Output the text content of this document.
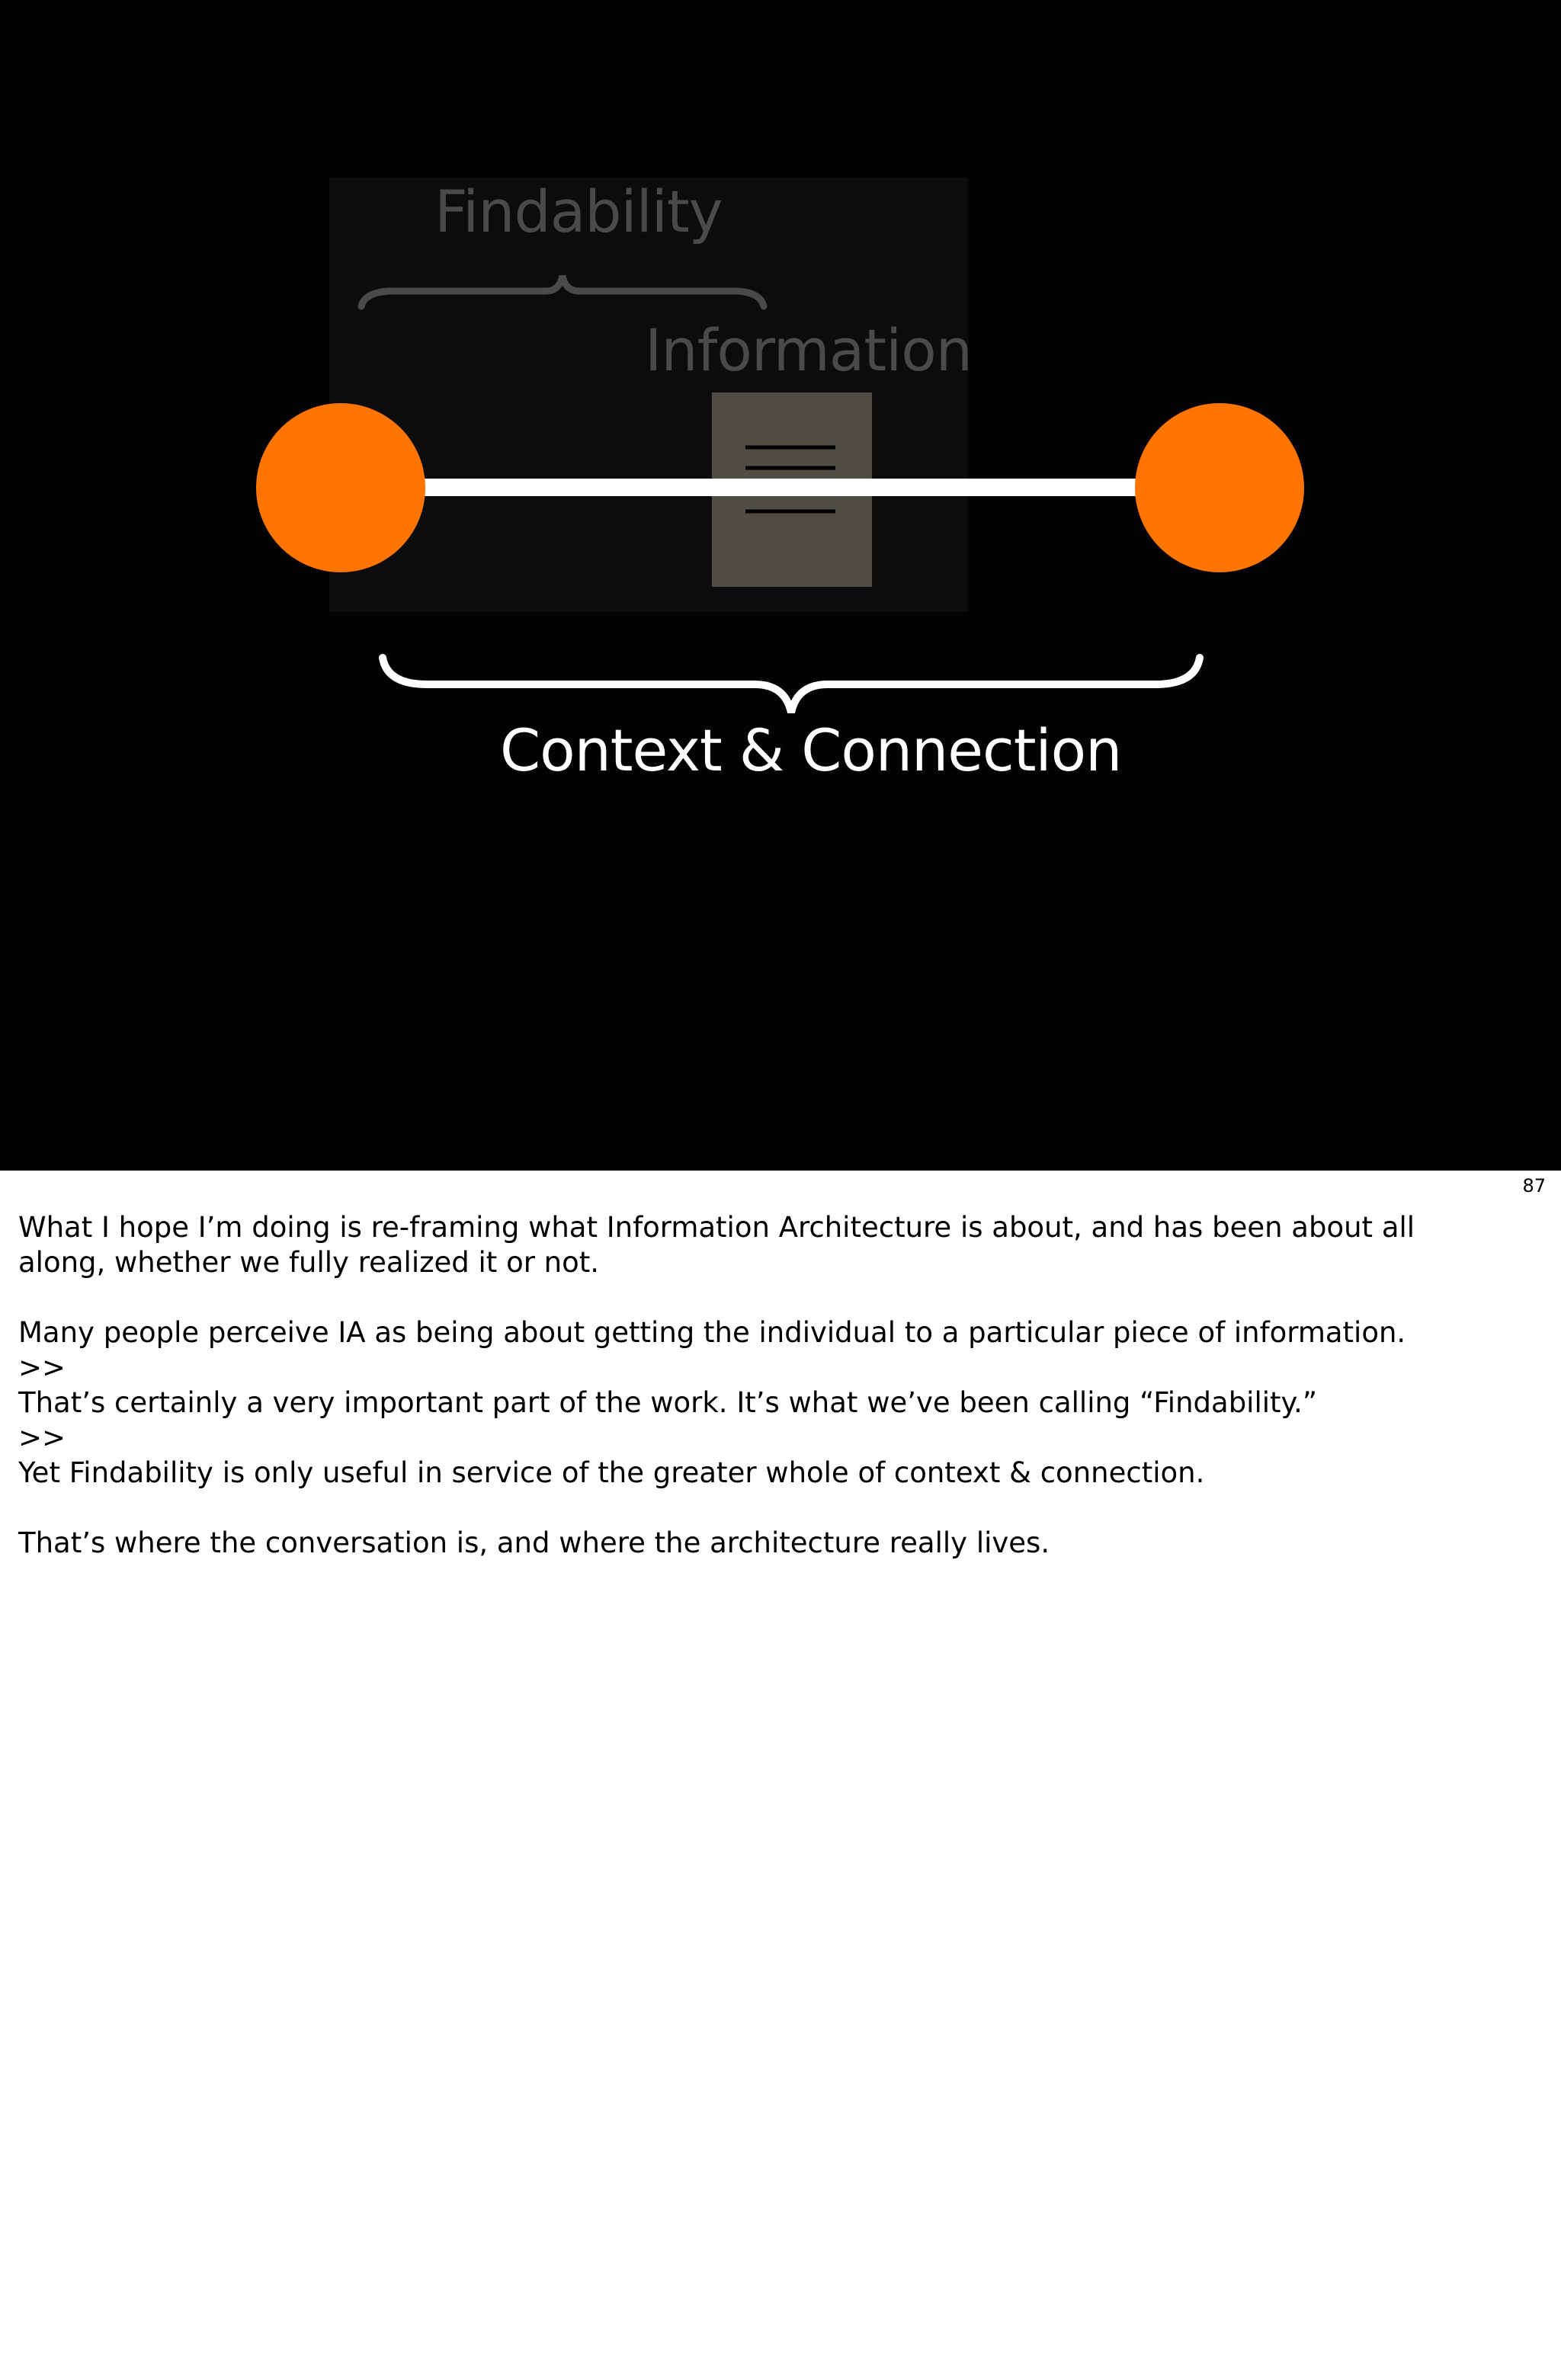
Findability
Information
Context & Connection
87

What I hope I’m doing is re-framing what Information Architecture is about, and has been about all

along, whether we fully realized it or not.

Many people perceive IA as being about getting the individual to a particular piece of information.

>>

That’s certainly a very important part of the work. It’s what we’ve been calling “Findability.”

>>

Yet Findability is only useful in service of the greater whole of context & connection.

That’s where the conversation is, and where the architecture really lives.
